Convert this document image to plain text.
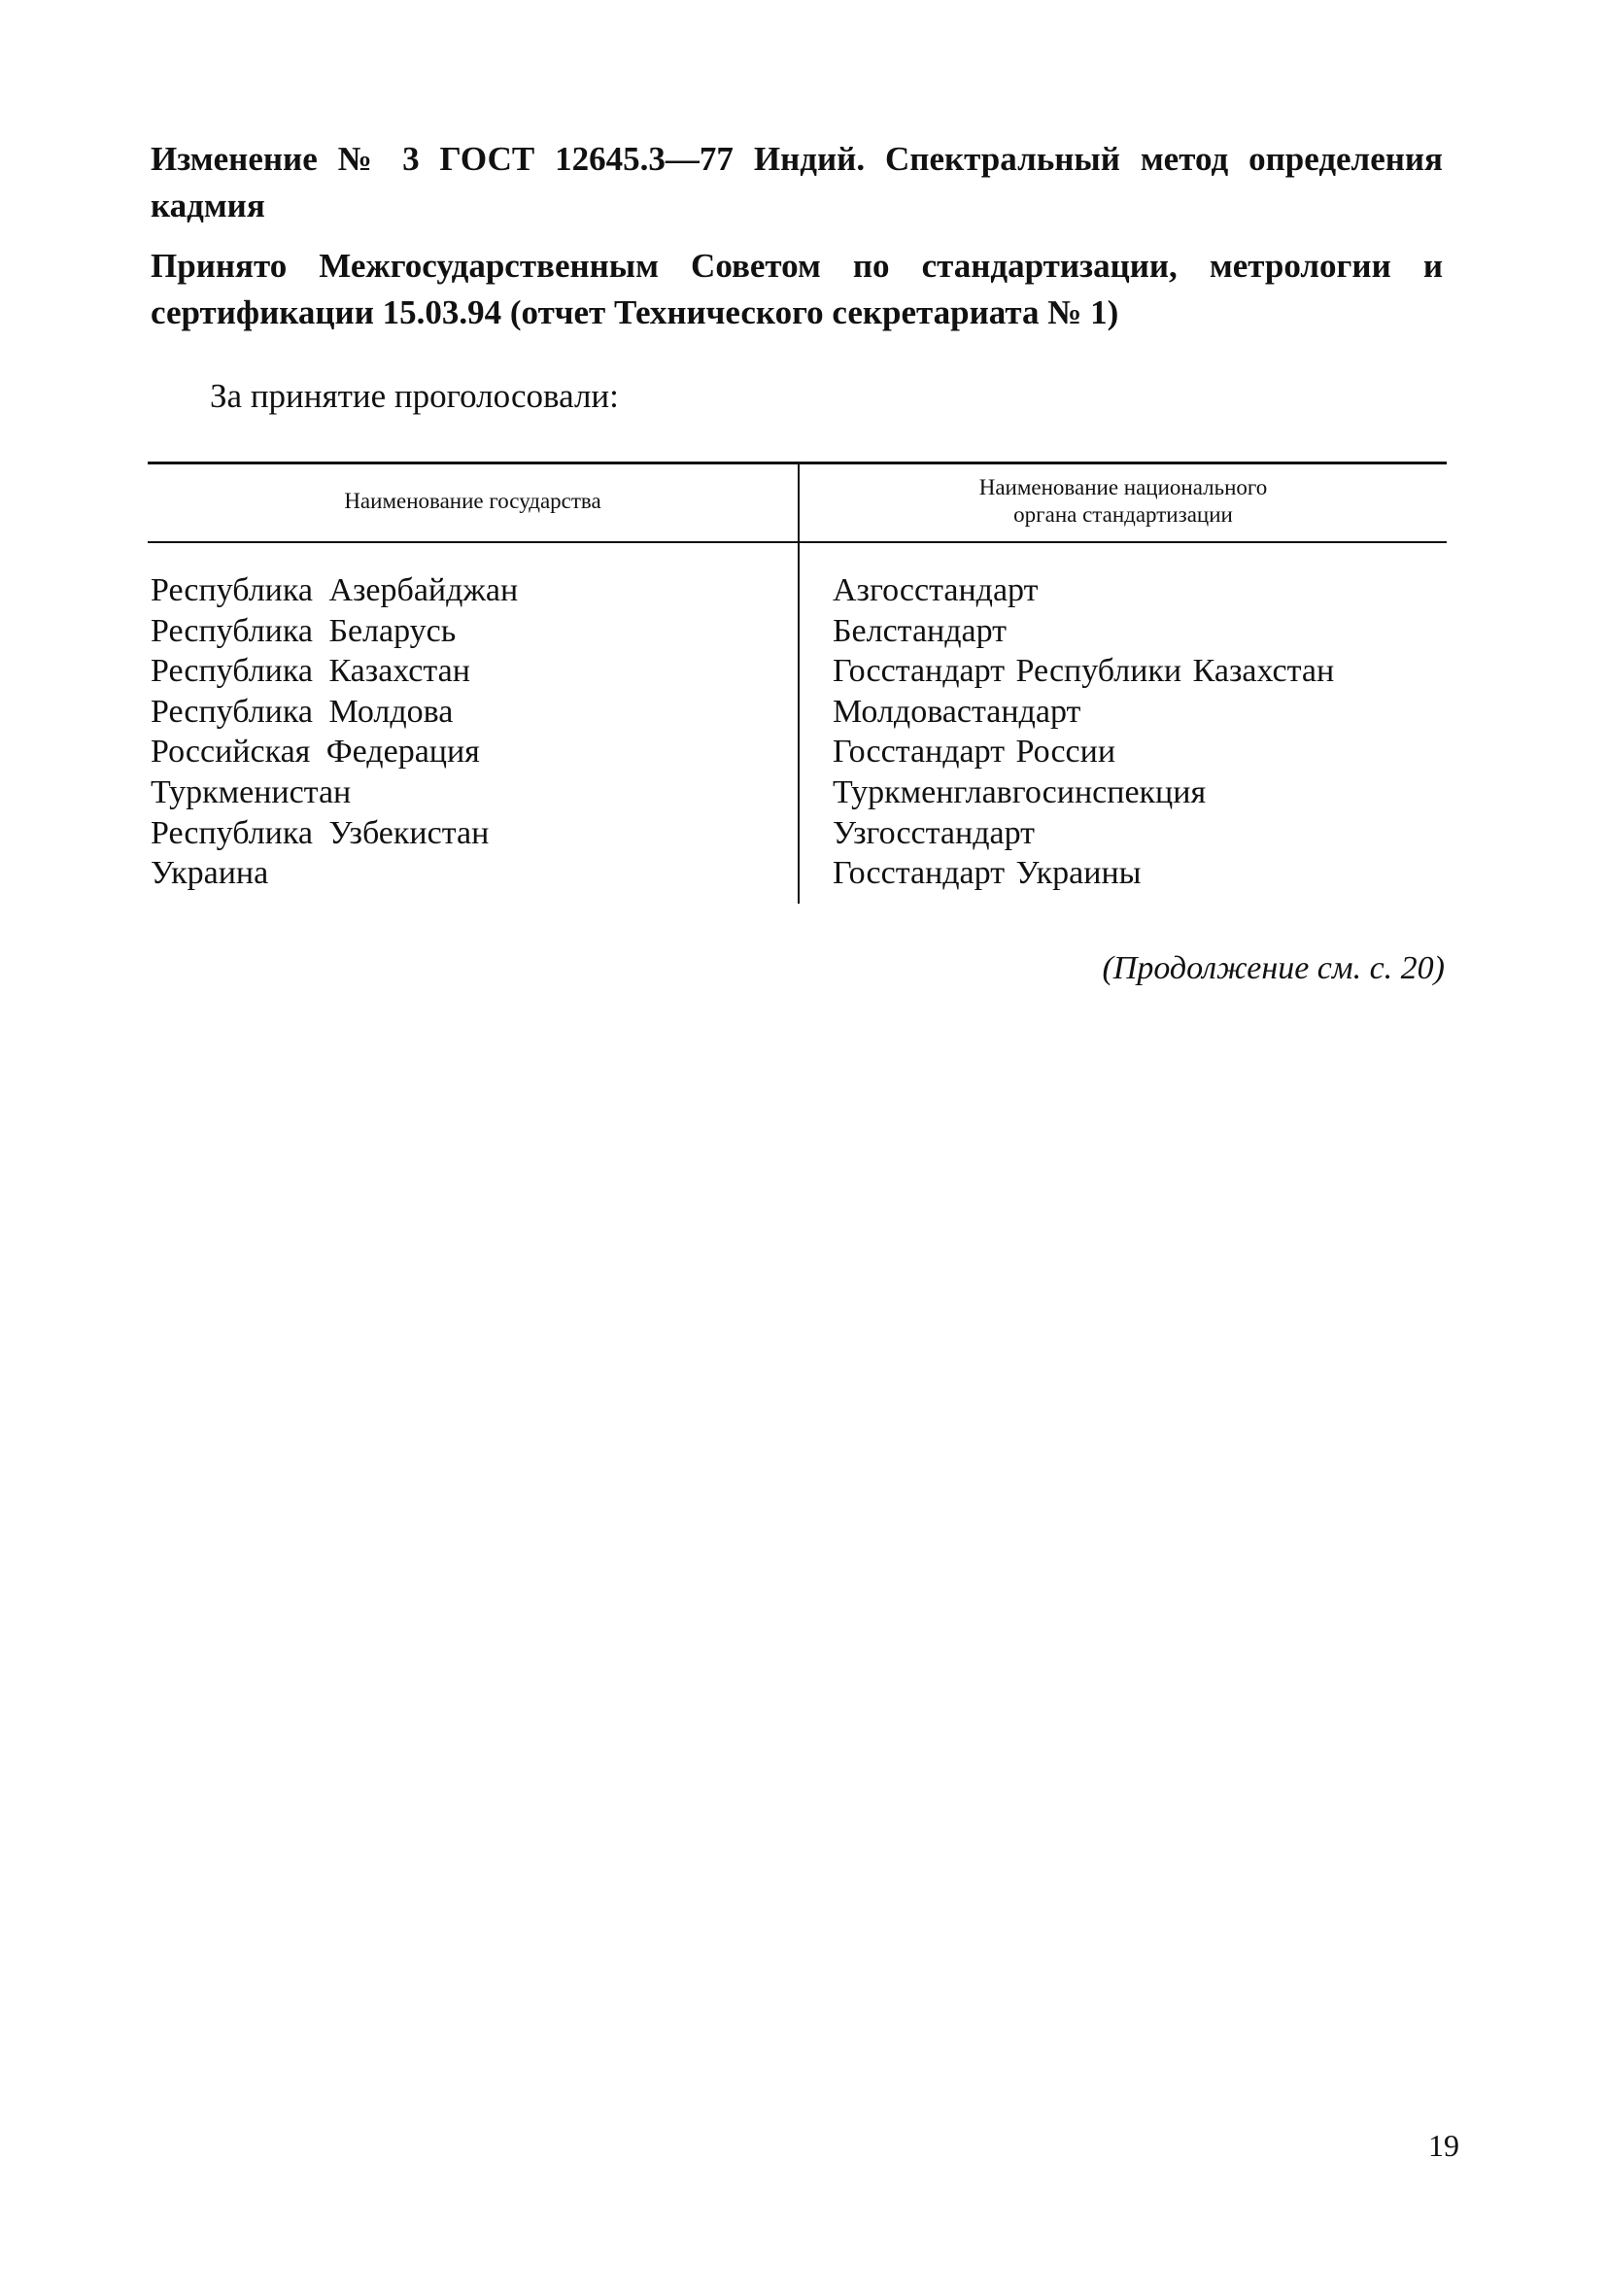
Изменение № 3 ГОСТ 12645.3—77 Индий. Спектральный метод определения кадмия

Принято Межгосударственным Советом по стандартизации, метрологии и сертификации 15.03.94 (отчет Технического секретариата № 1)

За принятие проголосовали:

Наименование государства

Наименование национального
органа стандартизации

Республика Азербайджан
Республика Беларусь
Республика Казахстан
Республика Молдова
Российская Федерация
Туркменистан
Республика Узбекистан
Украина
Азгосстандарт
Белстандарт
Госстандарт Республики Казахстан
Молдовастандарт
Госстандарт России
Туркменглавгосинспекция
Узгосстандарт
Госстандарт Украины

(Продолжение см. с. 20)

19
